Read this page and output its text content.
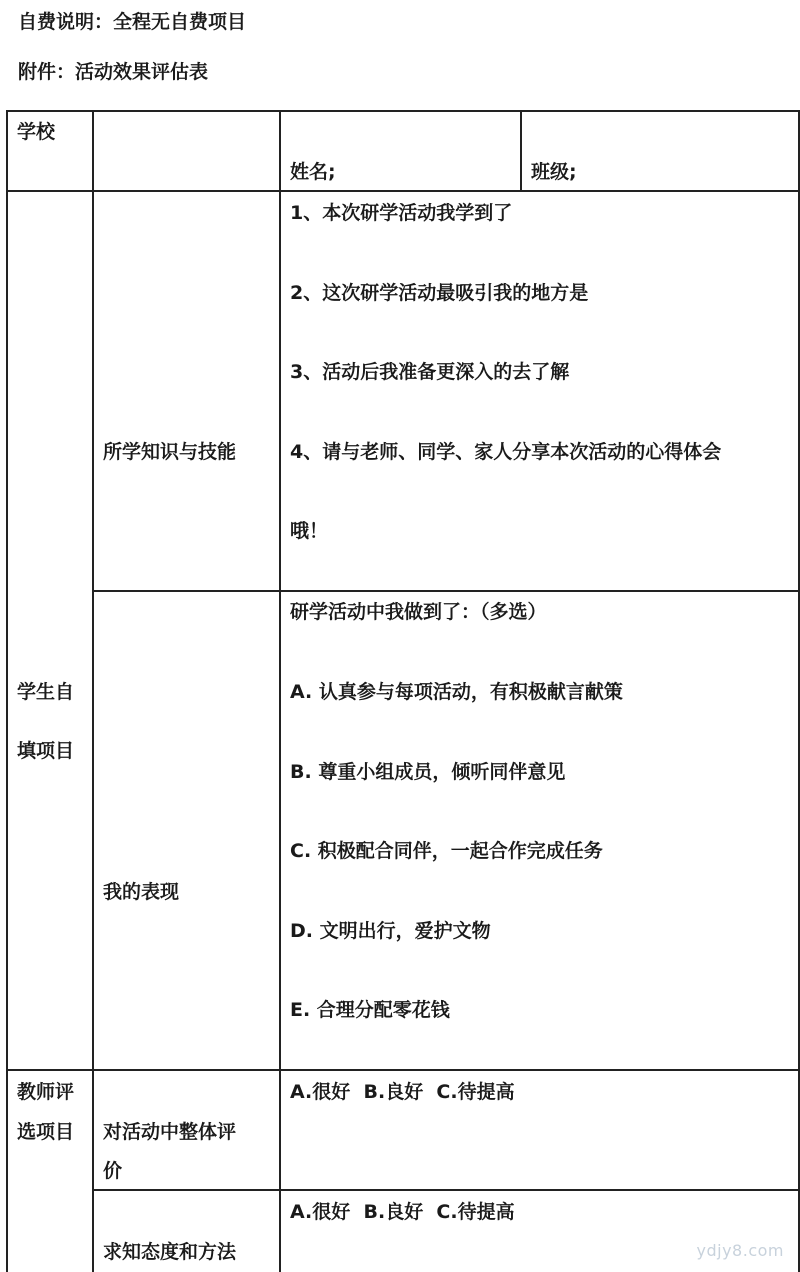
自费说明：全程无自费项目
附件：活动效果评估表
学校
姓名;	班级;
学生自
填项目
所学知识与技能
1、本次研学活动我学到了
2、这次研学活动最吸引我的地方是
3、活动后我准备更深入的去了解
4、请与老师、同学、家人分享本次活动的心得体会
哦！
我的表现
研学活动中我做到了：（多选）
A. 认真参与每项活动，有积极献言献策
B. 尊重小组成员，倾听同伴意见
C. 积极配合同伴，一起合作完成任务
D. 文明出行，爱护文物
E. 合理分配零花钱
教师评
选项目 对活动中整体评
价
A.很好  B.良好  C.待提高
求知态度和方法
A.很好  B.良好  C.待提高
ydjy8.com
